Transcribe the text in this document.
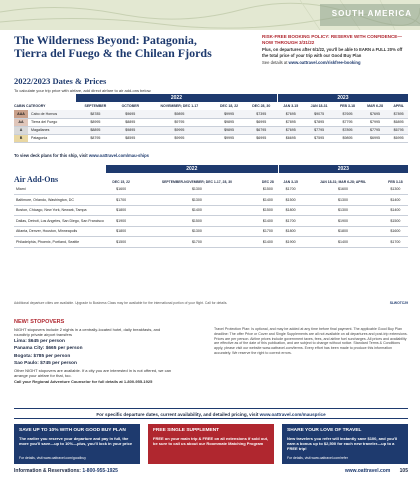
SOUTH AMERICA
The Wilderness Beyond: Patagonia, Tierra del Fuego & the Chilean Fjords
2022/2023 Dates & Prices
To calculate your trip price with airfare, add direct airfare to air add-ons below.
RISK-FREE BOOKING POLICY: RESERVE WITH CONFIDENCE—NOW THROUGH 3/31/22
Plus, on departures after 6/1/22, you'll be able to EARN a FULL 20% off the total price of your trip with our Good Buy Plan
See details at www.oattravel.com/riskfree-booking
		2022					2023				
CABIN CATEGORY		SEPTEMBER	OCTOBER	NOVEMBER; DEC 1-17	DEC 18, 22	DEC 28, 30	JAN 3-15	JAN 18-31	FEB 3-18	MAR 6-28	APRIL
AAA	Cabo de Hornos	$8785	$9695	$9895	$9995	$7395	$7695	$9075	$7695	$7695	$7895
AA	Tierra del Fuego	$8995	$8895	$9795	$9895	$6995	$7895	$7895	$7795	$7995	$6895
A	Magallanes	$8895	$9895	$9995	$9895	$6795	$7695	$7795	$7895	$7795	$6795
B	Patagonia	$8795	$8595	$9995	$9995	$6995	$6695	$7595	$9895	$6995	$6995
To view deck plans for this ship, visit www.oattravel.com/mau-ships
	2022			2023		
Air Add-Ons	DEC 15, 22	SEPTEMBER-NOVEMBER; DEC 1-17, 28, 30	DEC 28	JAN 3-15	JAN 18-31; MAR 6-28; APRIL	FEB 3-18
Miami	$1600	$1300	$1500	$1700	$1600	$1300
Baltimore, Orlando, Washington, DC	$1700	$1300	$1400	$1500	$1300	$1400
Boston, Chicago, New York, Newark, Tampa	$1800	$1400	$1500	$1800	$1300	$1400
Dallas, Detroit, Los Angeles, San Diego, San Francisco	$1900	$1500	$1400	$1700	$1900	$1500
Atlanta, Denver, Houston, Minneapolis	$1800	$1300	$1700	$1800	$1800	$1600
Philadelphia, Phoenix, Portland, Seattle	$1500	$1700	$1400	$1900	$1400	$1700
Additional departure cities are available. Upgrade to Business Class may be available for the international portion of your flight. Call for details.	SLWOTC29
NEW! STOPOVERS
NIGHT stopovers include 2 nights in a centrally-located hotel, daily breakfasts, and roundtrip private airport transfers
Lima: $645 per person
Panama City: $665 per person
Bogota: $785 per person
Sao Paulo: $745 per person
Other NIGHT stopovers are available. If a city you are interested in is not offered, we can arrange your airfare for that, too.
Call your Regional Adventure Counselor for full details at 1-800-955-1925
Travel Protection Plan: Is optional, and may be added at any time before final payment. The applicable Good Buy Plan deadline: The offer Price or Cover and Single Supplements are all not available on all departures and post-trip extensions. Prices are per person. Airline prices include government taxes, fees, and airline fuel surcharges. All prices and availability are effective as of the date of this publication, and are subject to change without notice. Standard Terms & Conditions apply, please visit our website www.oattravel.com/terms. Every effort has been made to produce this information accurately. We reserve the right to correct errors.
For specific departure dates, current availability, and detailed pricing, visit www.oattravel.com/mausprice
SAVE UP TO 10% WITH OUR GOOD BUY PLAN
The earlier you reserve your departure and pay in full, the more you'll save—up to 10%—plus, you'll lock in your price
For details, visit www.oattravel.com/goodbuy
FREE SINGLE SUPPLEMENT
FREE on your main trip & FREE on all extensions if sold out, be sure to call us about our Roommate Matching Program
SHARE YOUR LOVE OF TRAVEL
New travelers you refer will instantly save $100, and you'll earn a bonus up to $2,500 for each new traveler—up to a FREE trip!
For details, visit www.oattravel.com/refer
Information & Reservations: 1-800-955-1925	www.oattravel.com 105
